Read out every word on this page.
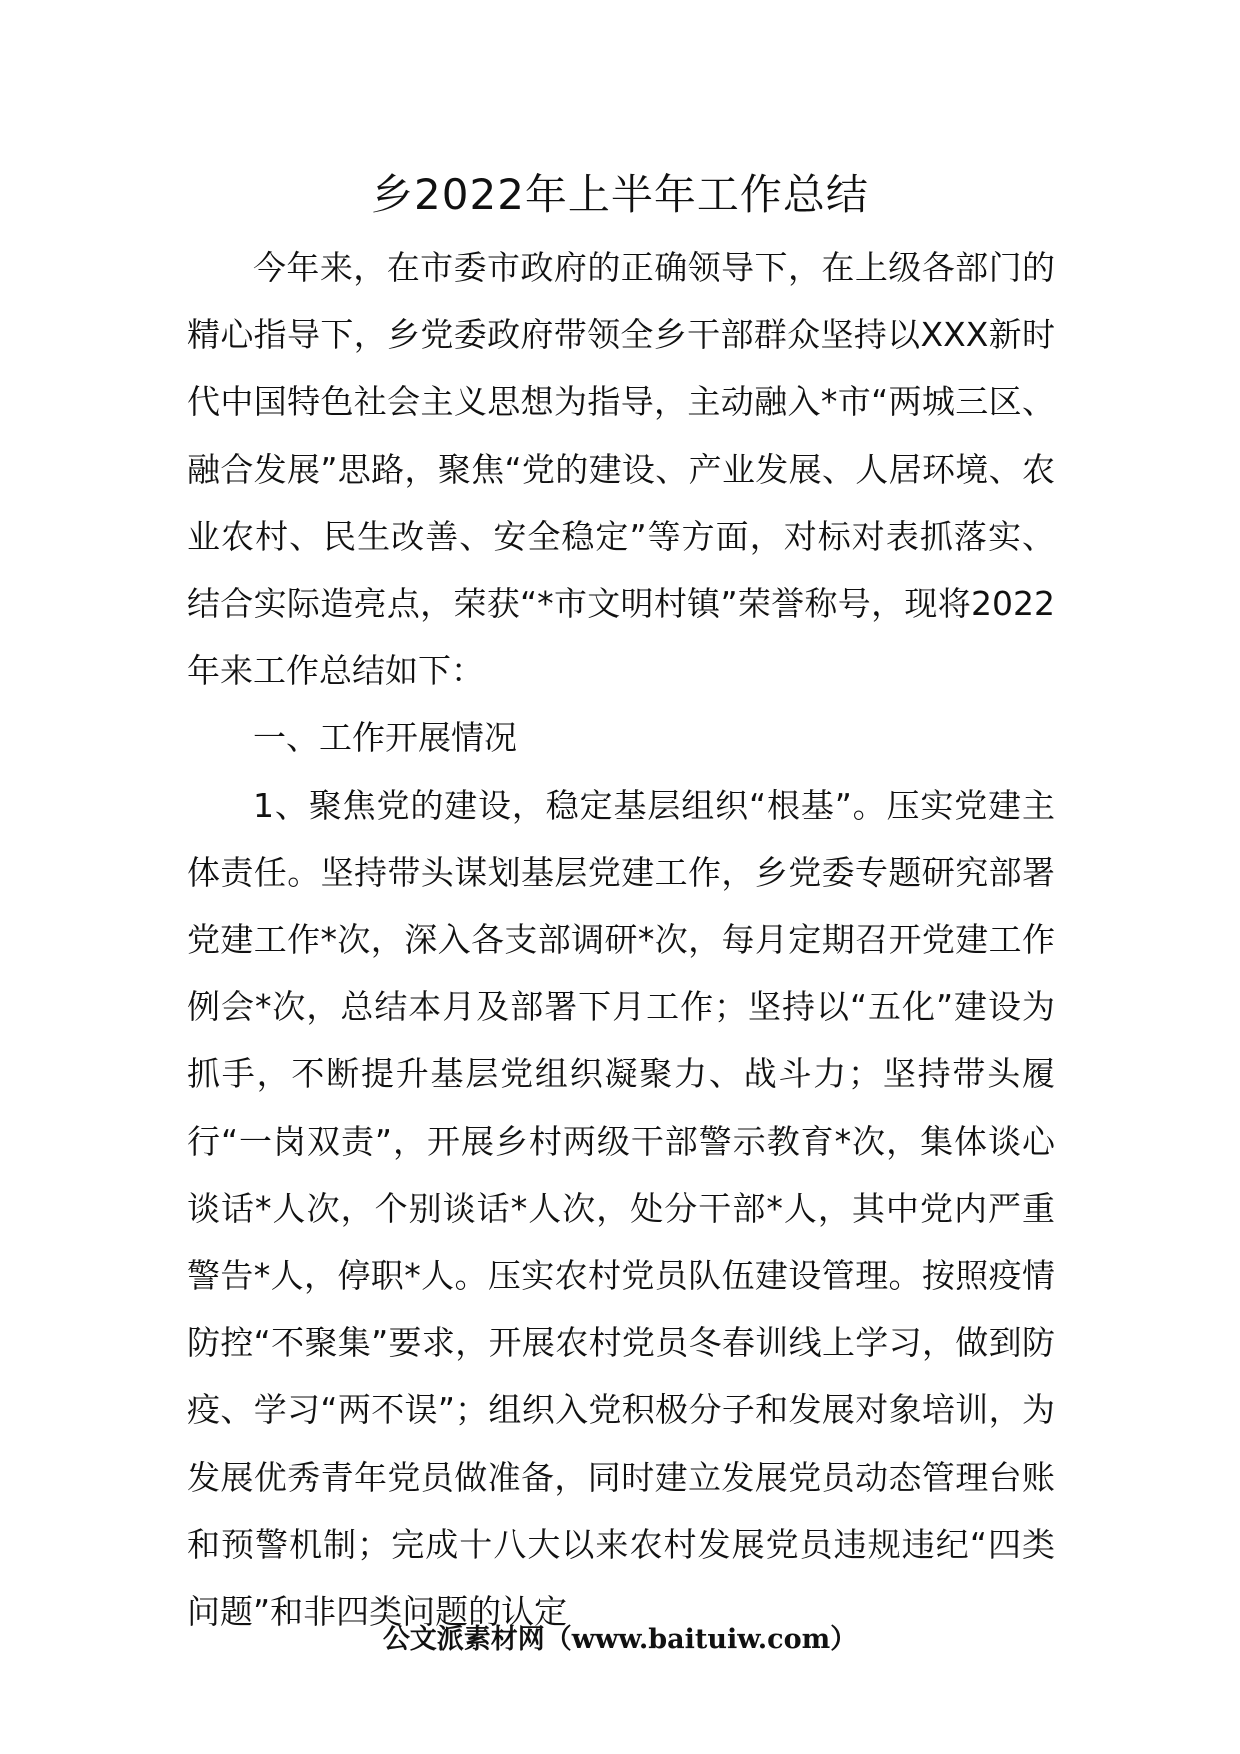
乡2022年上半年工作总结

今年来，在市委市政府的正确领导下，在上级各部门的精心指导下，乡党委政府带领全乡干部群众坚持以XXX新时代中国特色社会主义思想为指导，主动融入*市“两城三区、融合发展”思路，聚焦“党的建设、产业发展、人居环境、农业农村、民生改善、安全稳定”等方面，对标对表抓落实、结合实际造亮点，荣获“*市文明村镇”荣誉称号，现将2022年来工作总结如下：

一、工作开展情况

1、聚焦党的建设，稳定基层组织“根基”。压实党建主体责任。坚持带头谋划基层党建工作，乡党委专题研究部署党建工作*次，深入各支部调研*次，每月定期召开党建工作例会*次，总结本月及部署下月工作；坚持以“五化”建设为抓手，不断提升基层党组织凝聚力、战斗力；坚持带头履行“一岗双责”，开展乡村两级干部警示教育*次，集体谈心谈话*人次，个别谈话*人次，处分干部*人，其中党内严重警告*人，停职*人。压实农村党员队伍建设管理。按照疫情防控“不聚集”要求，开展农村党员冬春训线上学习，做到防疫、学习“两不误”；组织入党积极分子和发展对象培训，为发展优秀青年党员做准备，同时建立发展党员动态管理台账和预警机制；完成十八大以来农村发展党员违规违纪“四类问题”和非四类问题的认定

公文派素材网（www.baituiw.com）
